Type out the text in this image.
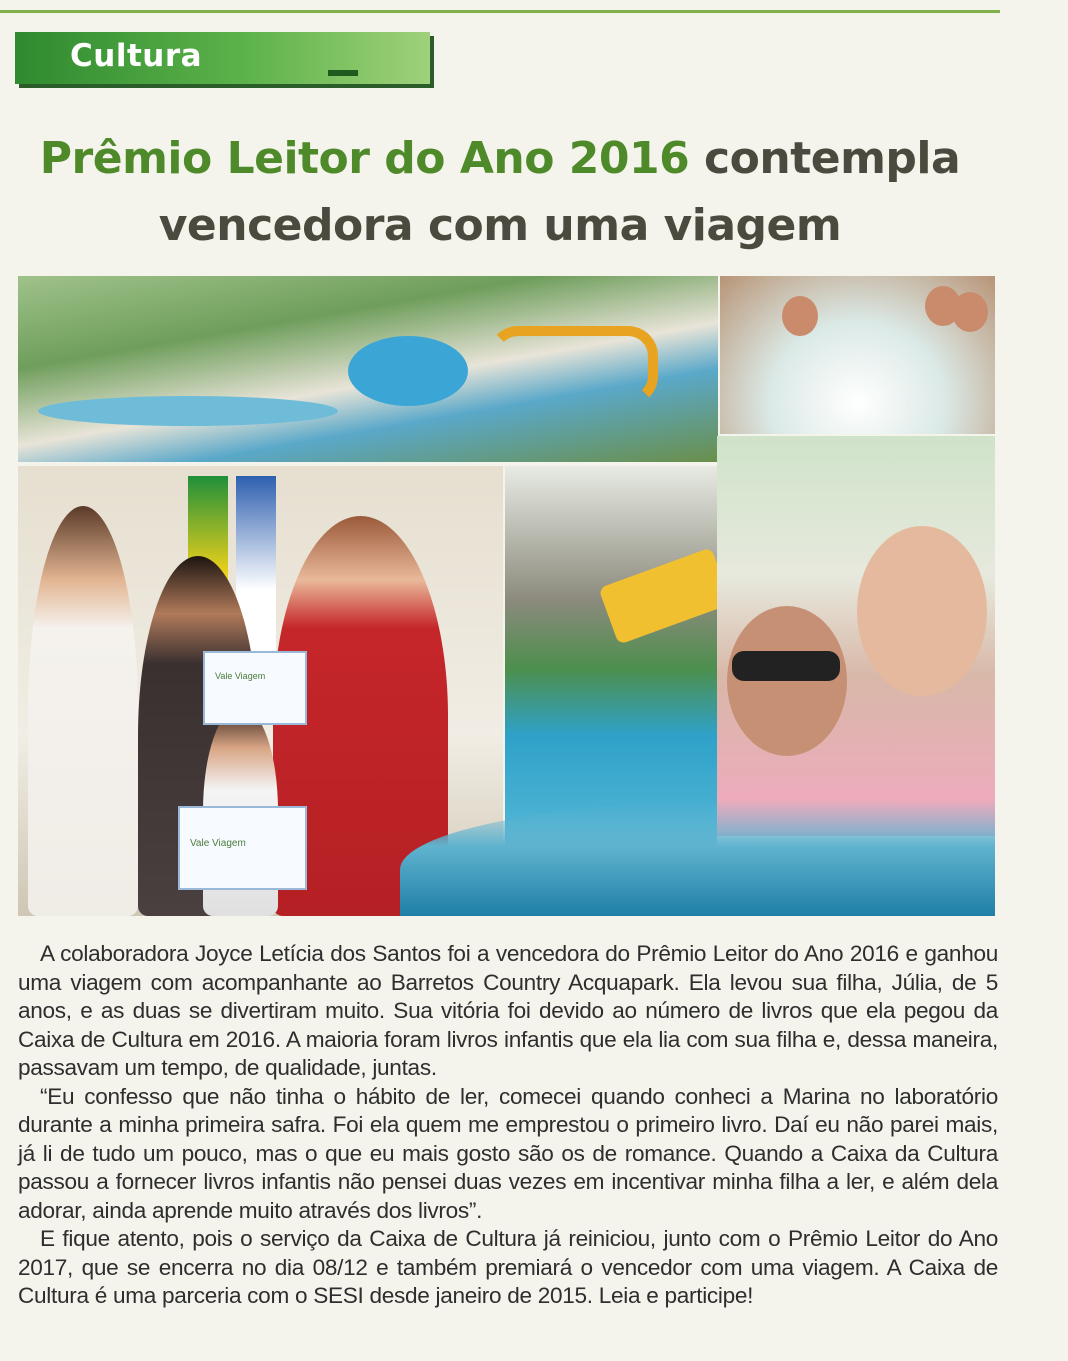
Cultura
Prêmio Leitor do Ano 2016 contempla
vencedora com uma viagem
Vale Viagem
Vale Viagem

A colaboradora Joyce Letícia dos Santos foi a vencedora do Prêmio Leitor do Ano 2016 e ganhou uma viagem com acompanhante ao Barretos Country Acquapark. Ela levou sua filha, Júlia, de 5 anos, e as duas se divertiram muito. Sua vitória foi devido ao número de livros que ela pegou da Caixa de Cultura em 2016. A maioria foram livros infantis que ela lia com sua filha e, dessa maneira, passavam um tempo, de qualidade, juntas.

“Eu confesso que não tinha o hábito de ler, comecei quando conheci a Marina no laboratório durante a minha primeira safra. Foi ela quem me emprestou o primeiro livro. Daí eu não parei mais, já li de tudo um pouco, mas o que eu mais gosto são os de romance. Quando a Caixa da Cultura passou a fornecer livros infantis não pensei duas vezes em incentivar minha filha a ler, e além dela adorar, ainda aprende muito através dos livros”.

E fique atento, pois o serviço da Caixa de Cultura já reiniciou, junto com o Prêmio Leitor do Ano 2017, que se encerra no dia 08/12 e também premiará o vencedor com uma viagem. A Caixa de Cultura é uma parceria com o SESI desde janeiro de 2015. Leia e participe!
